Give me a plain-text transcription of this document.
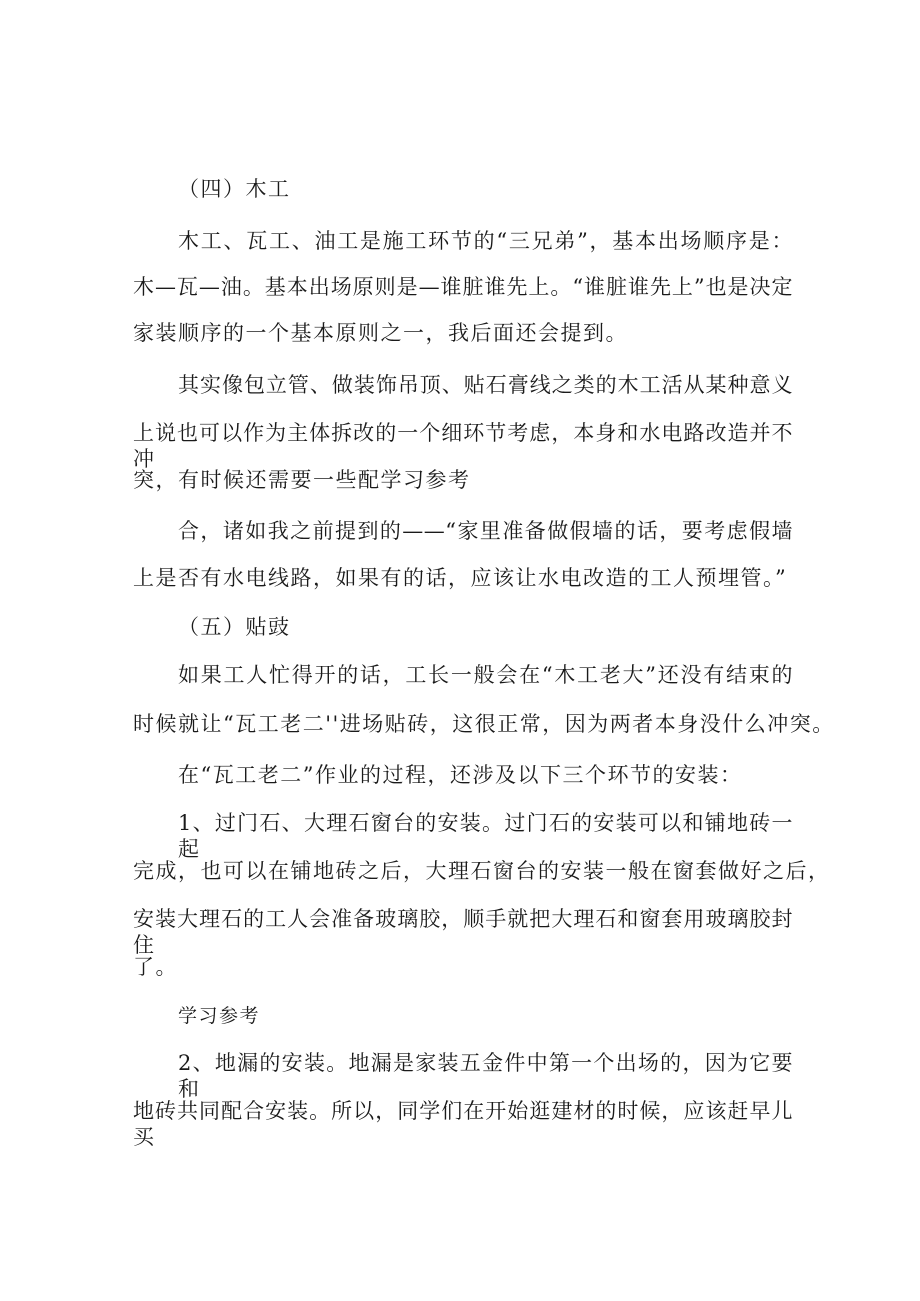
（四）木工
木工、瓦工、油工是施工环节的“三兄弟”，基本出场顺序是：
木—瓦—油。基本出场原则是—谁脏谁先上。“谁脏谁先上”也是决定
家装顺序的一个基本原则之一，我后面还会提到。
其实像包立管、做装饰吊顶、贴石膏线之类的木工活从某种意义
上说也可以作为主体拆改的一个细环节考虑，本身和水电路改造并不冲
突，有时候还需要一些配学习参考
合，诸如我之前提到的——“家里准备做假墙的话，要考虑假墙
上是否有水电线路，如果有的话，应该让水电改造的工人预埋管。”
（五）贴豉
如果工人忙得开的话，工长一般会在“木工老大”还没有结束的
时候就让“瓦工老二''进场贴砖，这很正常，因为两者本身没什么冲突。
在“瓦工老二”作业的过程，还涉及以下三个环节的安装：
1、过门石、大理石窗台的安装。过门石的安装可以和铺地砖一起
完成，也可以在铺地砖之后，大理石窗台的安装一般在窗套做好之后，
安装大理石的工人会准备玻璃胶，顺手就把大理石和窗套用玻璃胶封住
了。
学习参考
2、地漏的安装。地漏是家装五金件中第一个出场的，因为它要和
地砖共同配合安装。所以，同学们在开始逛建材的时候，应该赶早儿买
